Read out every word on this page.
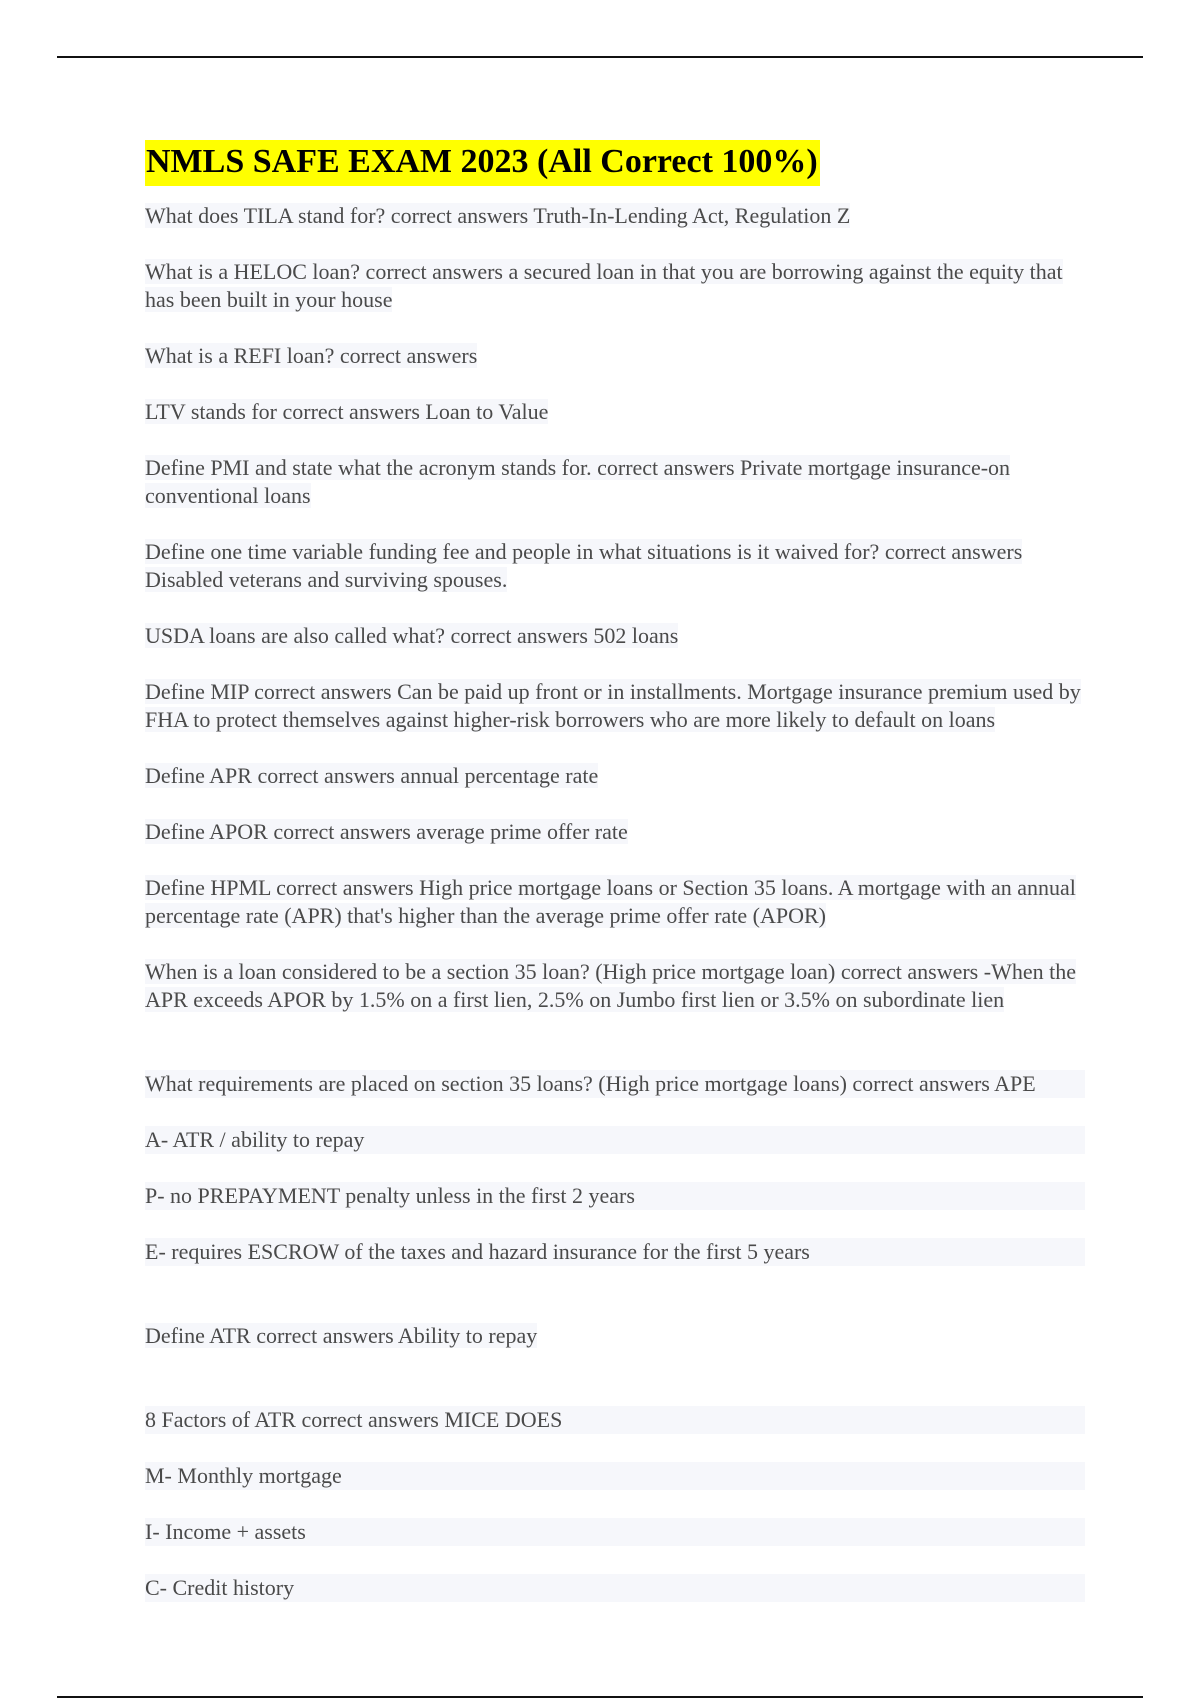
NMLS SAFE EXAM 2023 (All Correct 100%)

What does TILA stand for? correct answers Truth-In-Lending Act, Regulation Z

What is a HELOC loan? correct answers a secured loan in that you are borrowing against the equity that has been built in your house

What is a REFI loan? correct answers

LTV stands for correct answers Loan to Value

Define PMI and state what the acronym stands for. correct answers Private mortgage insurance-on conventional loans

Define one time variable funding fee and people in what situations is it waived for? correct answers Disabled veterans and surviving spouses.

USDA loans are also called what? correct answers 502 loans

Define MIP correct answers Can be paid up front or in installments. Mortgage insurance premium used by FHA to protect themselves against higher-risk borrowers who are more likely to default on loans

Define APR correct answers annual percentage rate

Define APOR correct answers average prime offer rate

Define HPML correct answers High price mortgage loans or Section 35 loans. A mortgage with an annual percentage rate (APR) that's higher than the average prime offer rate (APOR)

When is a loan considered to be a section 35 loan? (High price mortgage loan) correct answers -When the APR exceeds APOR by 1.5% on a first lien, 2.5% on Jumbo first lien or 3.5% on subordinate lien

What requirements are placed on section 35 loans? (High price mortgage loans) correct answers APE

A- ATR / ability to repay

P- no PREPAYMENT penalty unless in the first 2 years

E- requires ESCROW of the taxes and hazard insurance for the first 5 years

Define ATR correct answers Ability to repay

8 Factors of ATR correct answers MICE DOES

M- Monthly mortgage

I- Income + assets

C- Credit history
